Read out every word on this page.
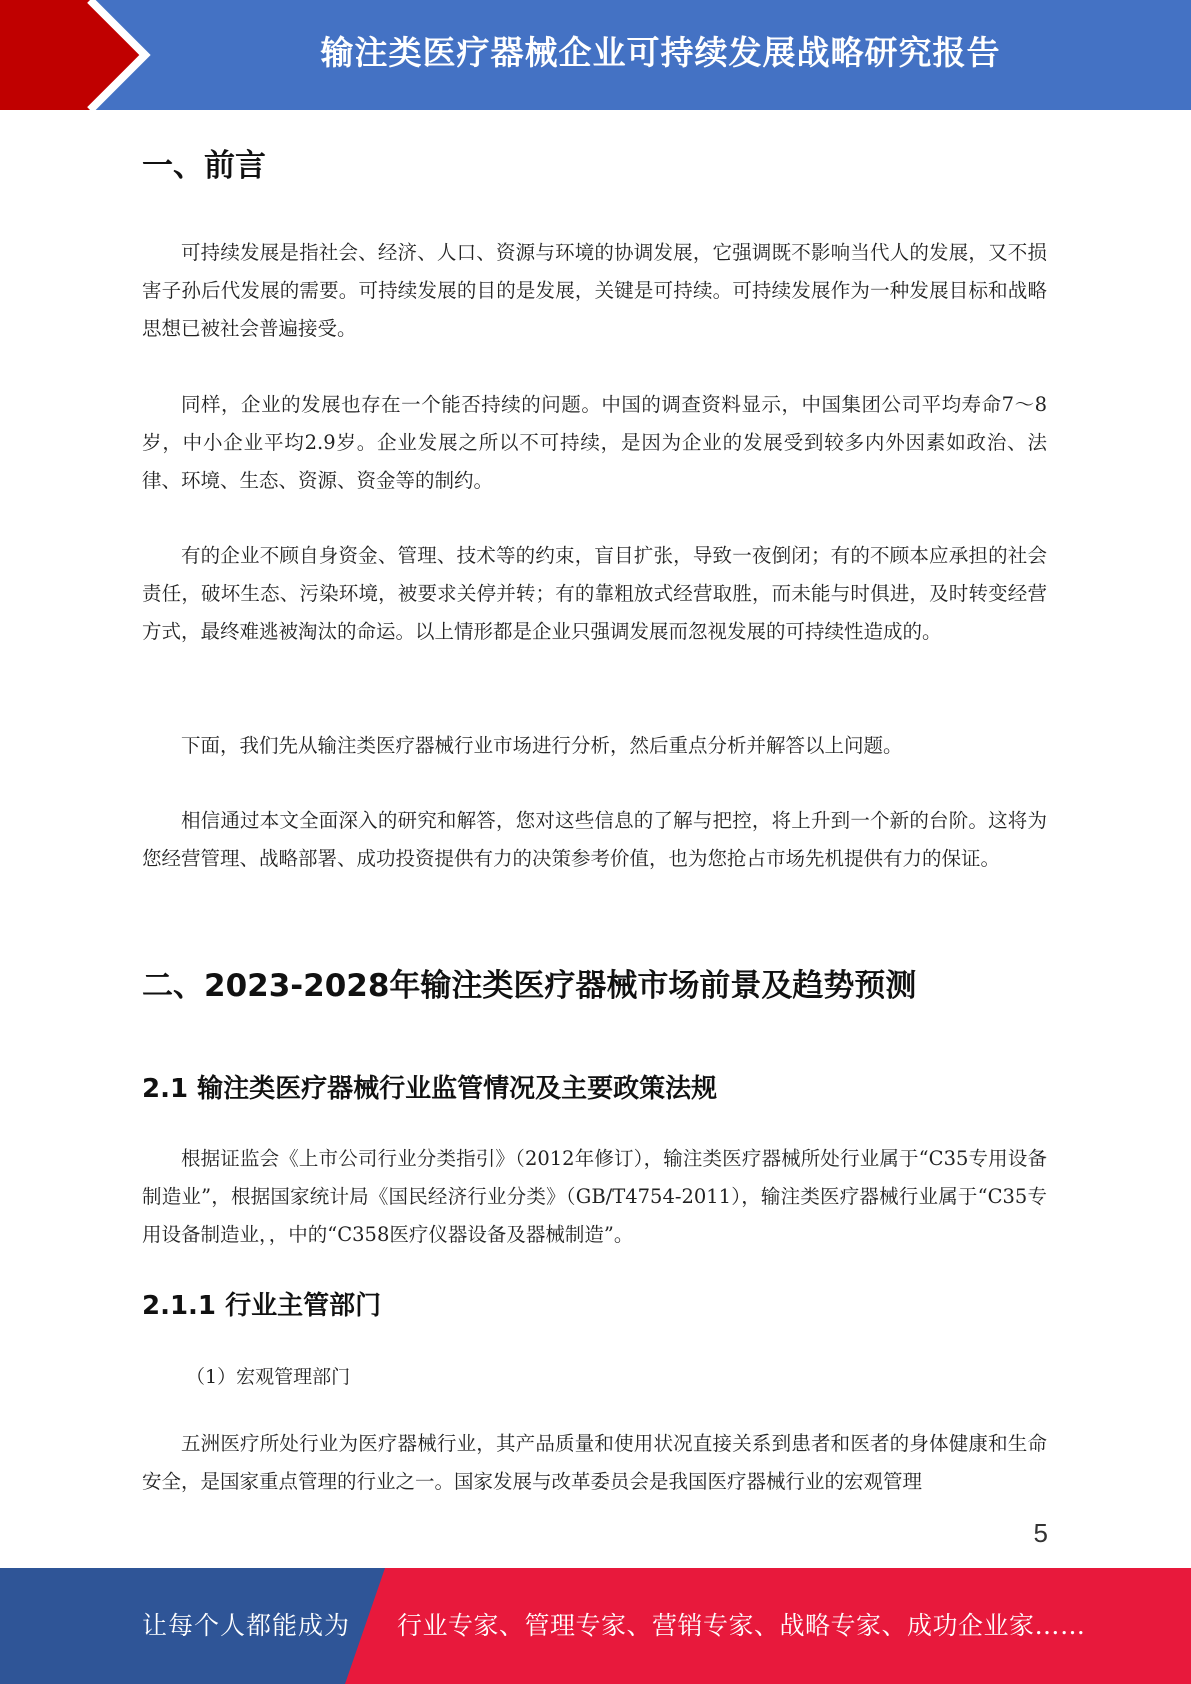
输注类医疗器械企业可持续发展战略研究报告
一、前言
可持续发展是指社会、经济、人口、资源与环境的协调发展，它强调既不影响当代人的发展，又不损害子孙后代发展的需要。可持续发展的目的是发展，关键是可持续。可持续发展作为一种发展目标和战略思想已被社会普遍接受。
同样，企业的发展也存在一个能否持续的问题。中国的调查资料显示，中国集团公司平均寿命7～8岁，中小企业平均2.9岁。企业发展之所以不可持续，是因为企业的发展受到较多内外因素如政治、法律、环境、生态、资源、资金等的制约。
有的企业不顾自身资金、管理、技术等的约束，盲目扩张，导致一夜倒闭；有的不顾本应承担的社会责任，破坏生态、污染环境，被要求关停并转；有的靠粗放式经营取胜，而未能与时俱进，及时转变经营方式，最终难逃被淘汰的命运。以上情形都是企业只强调发展而忽视发展的可持续性造成的。
下面，我们先从输注类医疗器械行业市场进行分析，然后重点分析并解答以上问题。
相信通过本文全面深入的研究和解答，您对这些信息的了解与把控，将上升到一个新的台阶。这将为您经营管理、战略部署、成功投资提供有力的决策参考价值，也为您抢占市场先机提供有力的保证。
二、2023-2028年输注类医疗器械市场前景及趋势预测
2.1 输注类医疗器械行业监管情况及主要政策法规
根据证监会《上市公司行业分类指引》（2012年修订），输注类医疗器械所处行业属于“C35专用设备制造业”，根据国家统计局《国民经济行业分类》（GB/T4754-2011），输注类医疗器械行业属于“C35专用设备制造业，，中的“C358医疗仪器设备及器械制造”。
2.1.1 行业主管部门
（1）宏观管理部门
五洲医疗所处行业为医疗器械行业，其产品质量和使用状况直接关系到患者和医者的身体健康和生命安全，是国家重点管理的行业之一。国家发展与改革委员会是我国医疗器械行业的宏观管理
5
让每个人都能成为 行业专家、管理专家、营销专家、战略专家、成功企业家……
